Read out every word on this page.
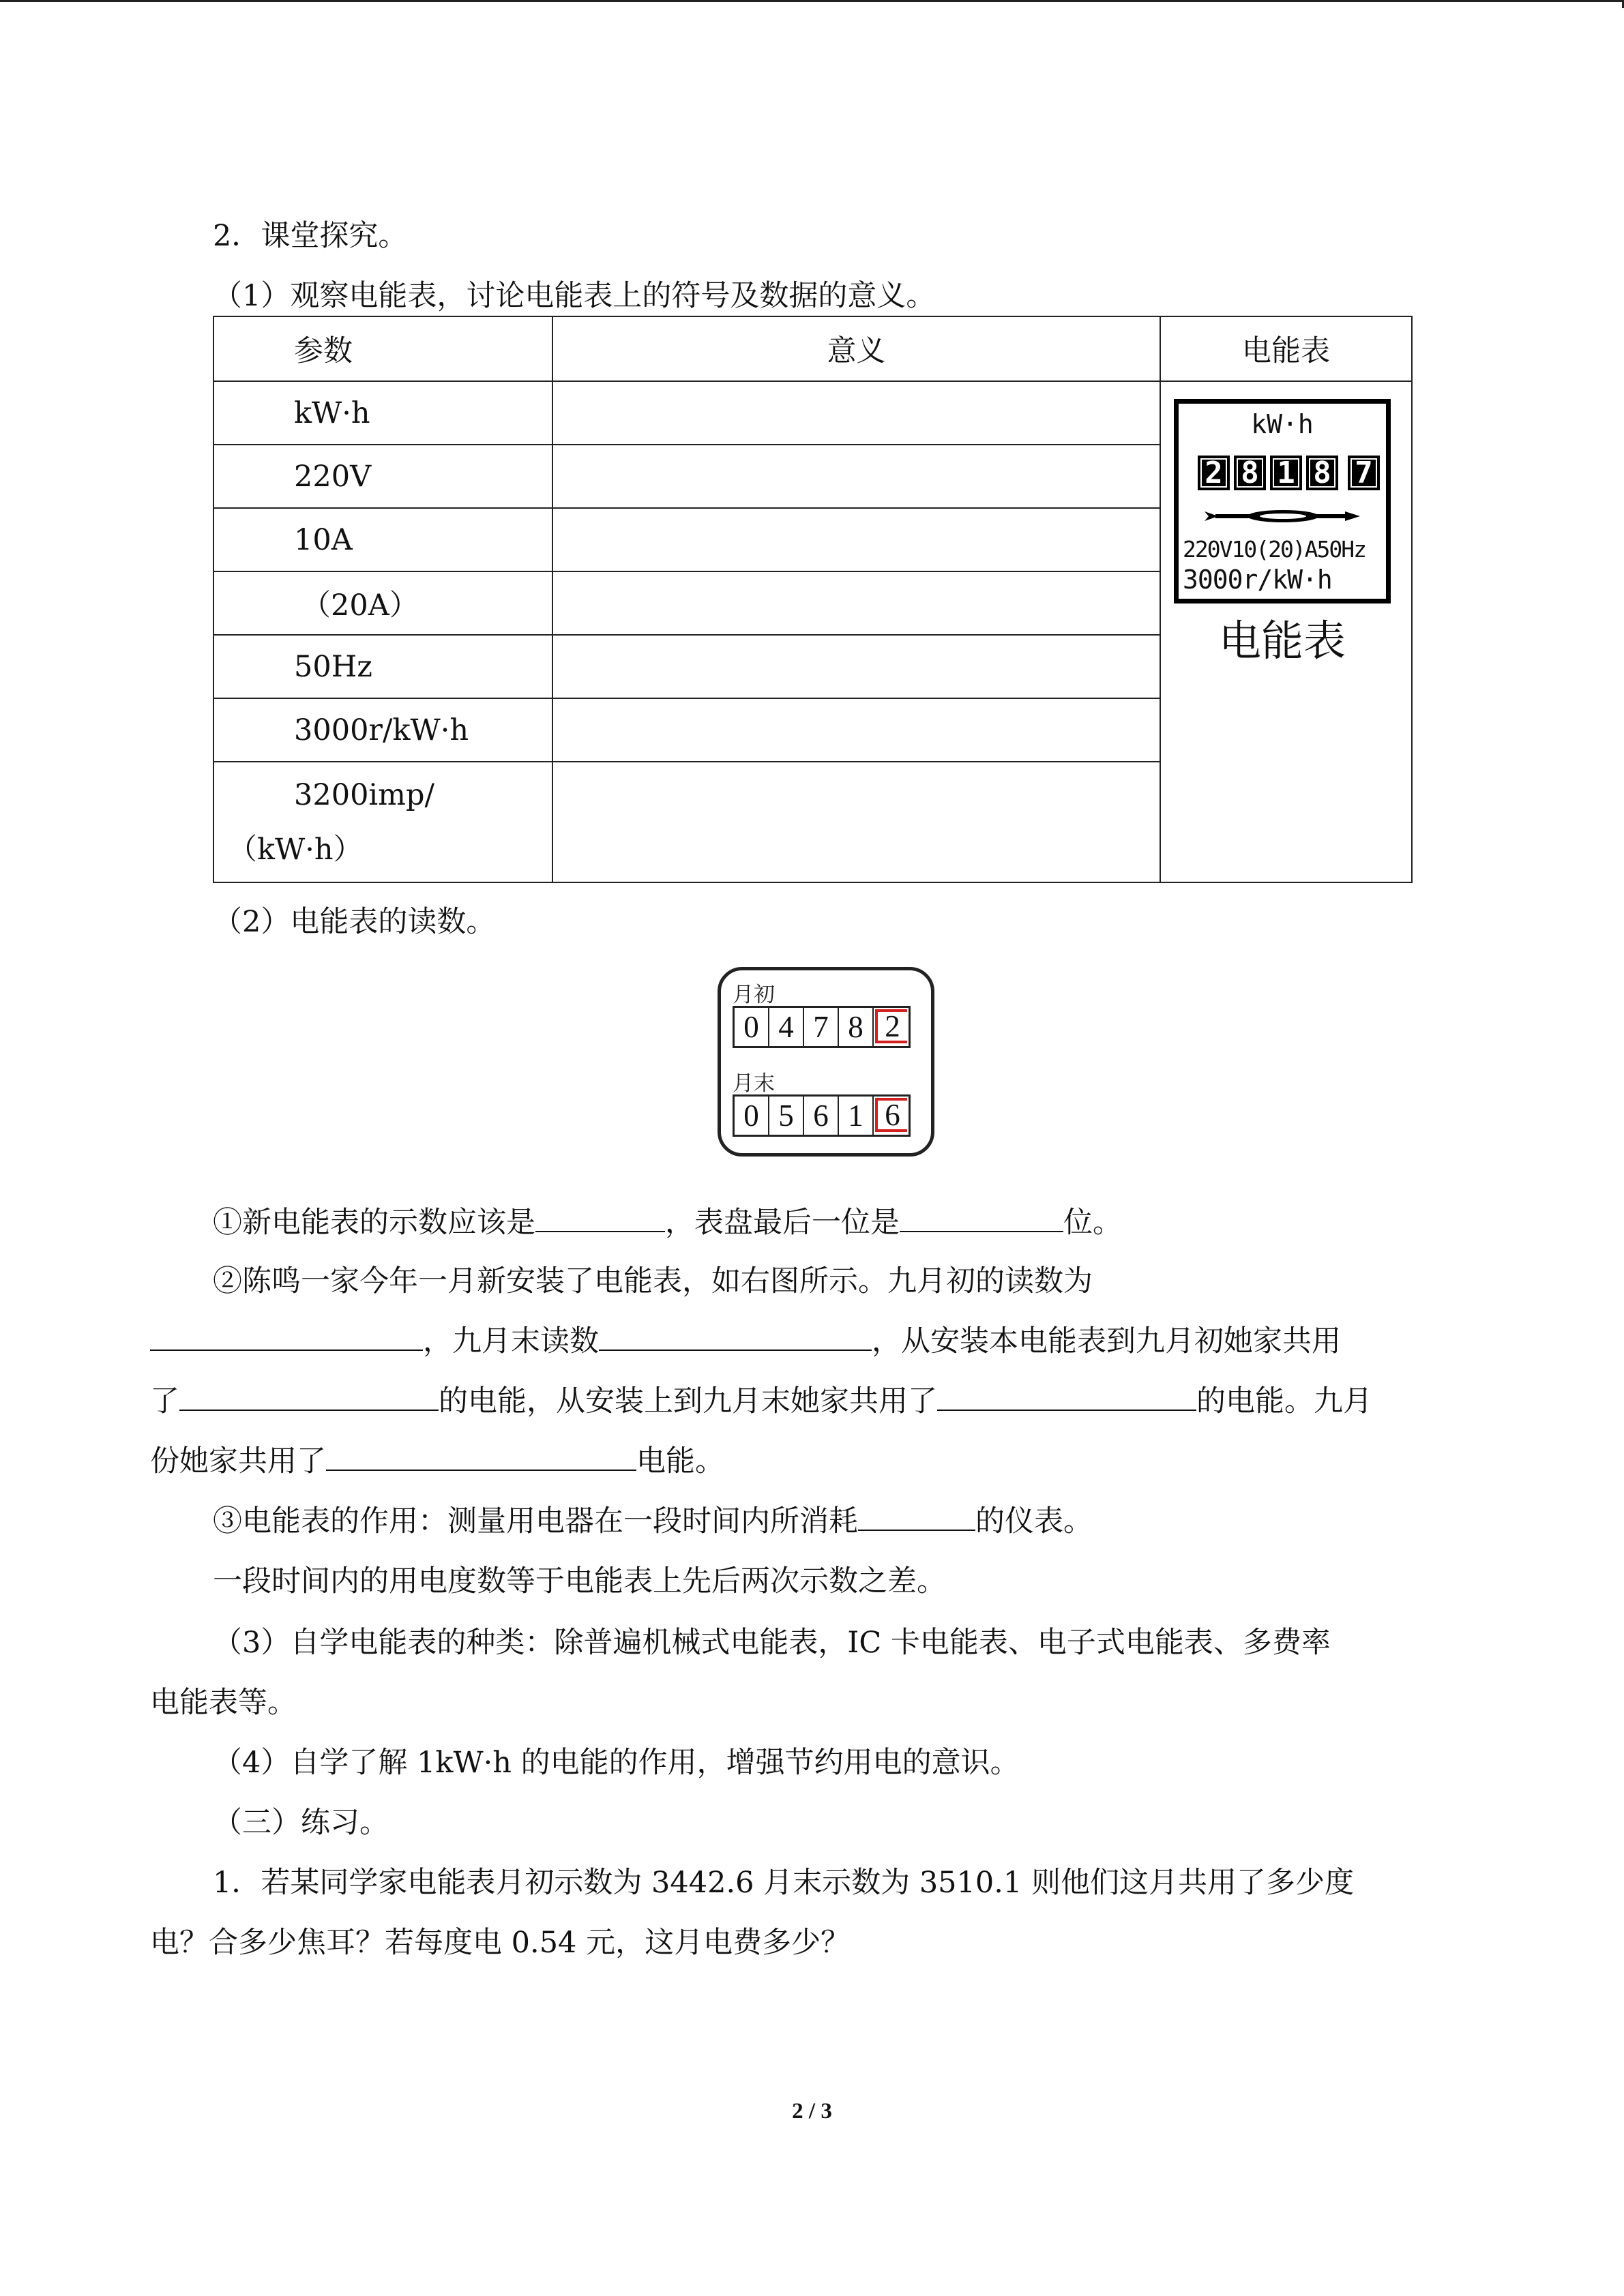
2．课堂探究。
（1）观察电能表，讨论电能表上的符号及数据的意义。
参数	意义	电能表
kW·h		
220V		
10A		
（20A）		
50Hz		
3000r/kW·h		

3200imp/
（kW·h）		

kW·h
2 8 1 8 7
220V10(20)A50Hz
3000r/kW·h
电能表
（2）电能表的读数。
月初
0 4 7 8 2
月末
0 5 6 1 6
①新电能表的示数应该是	，表盘最后一位是	位。
②陈鸣一家今年一月新安装了电能表，如右图所示。九月初的读数为
，九月末读数	，从安装本电能表到九月初她家共用
了	的电能，从安装上到九月末她家共用了	的电能。九月
份她家共用了	电能。
③电能表的作用：测量用电器在一段时间内所消耗	的仪表。
一段时间内的用电度数等于电能表上先后两次示数之差。
（3）自学电能表的种类：除普遍机械式电能表，IC 卡电能表、电子式电能表、多费率
电能表等。
（4）自学了解 1kW·h 的电能的作用，增强节约用电的意识。
（三）练习。
1．若某同学家电能表月初示数为 3442.6 月末示数为 3510.1 则他们这月共用了多少度
电？合多少焦耳？若每度电 0.54 元，这月电费多少？
2 / 3
